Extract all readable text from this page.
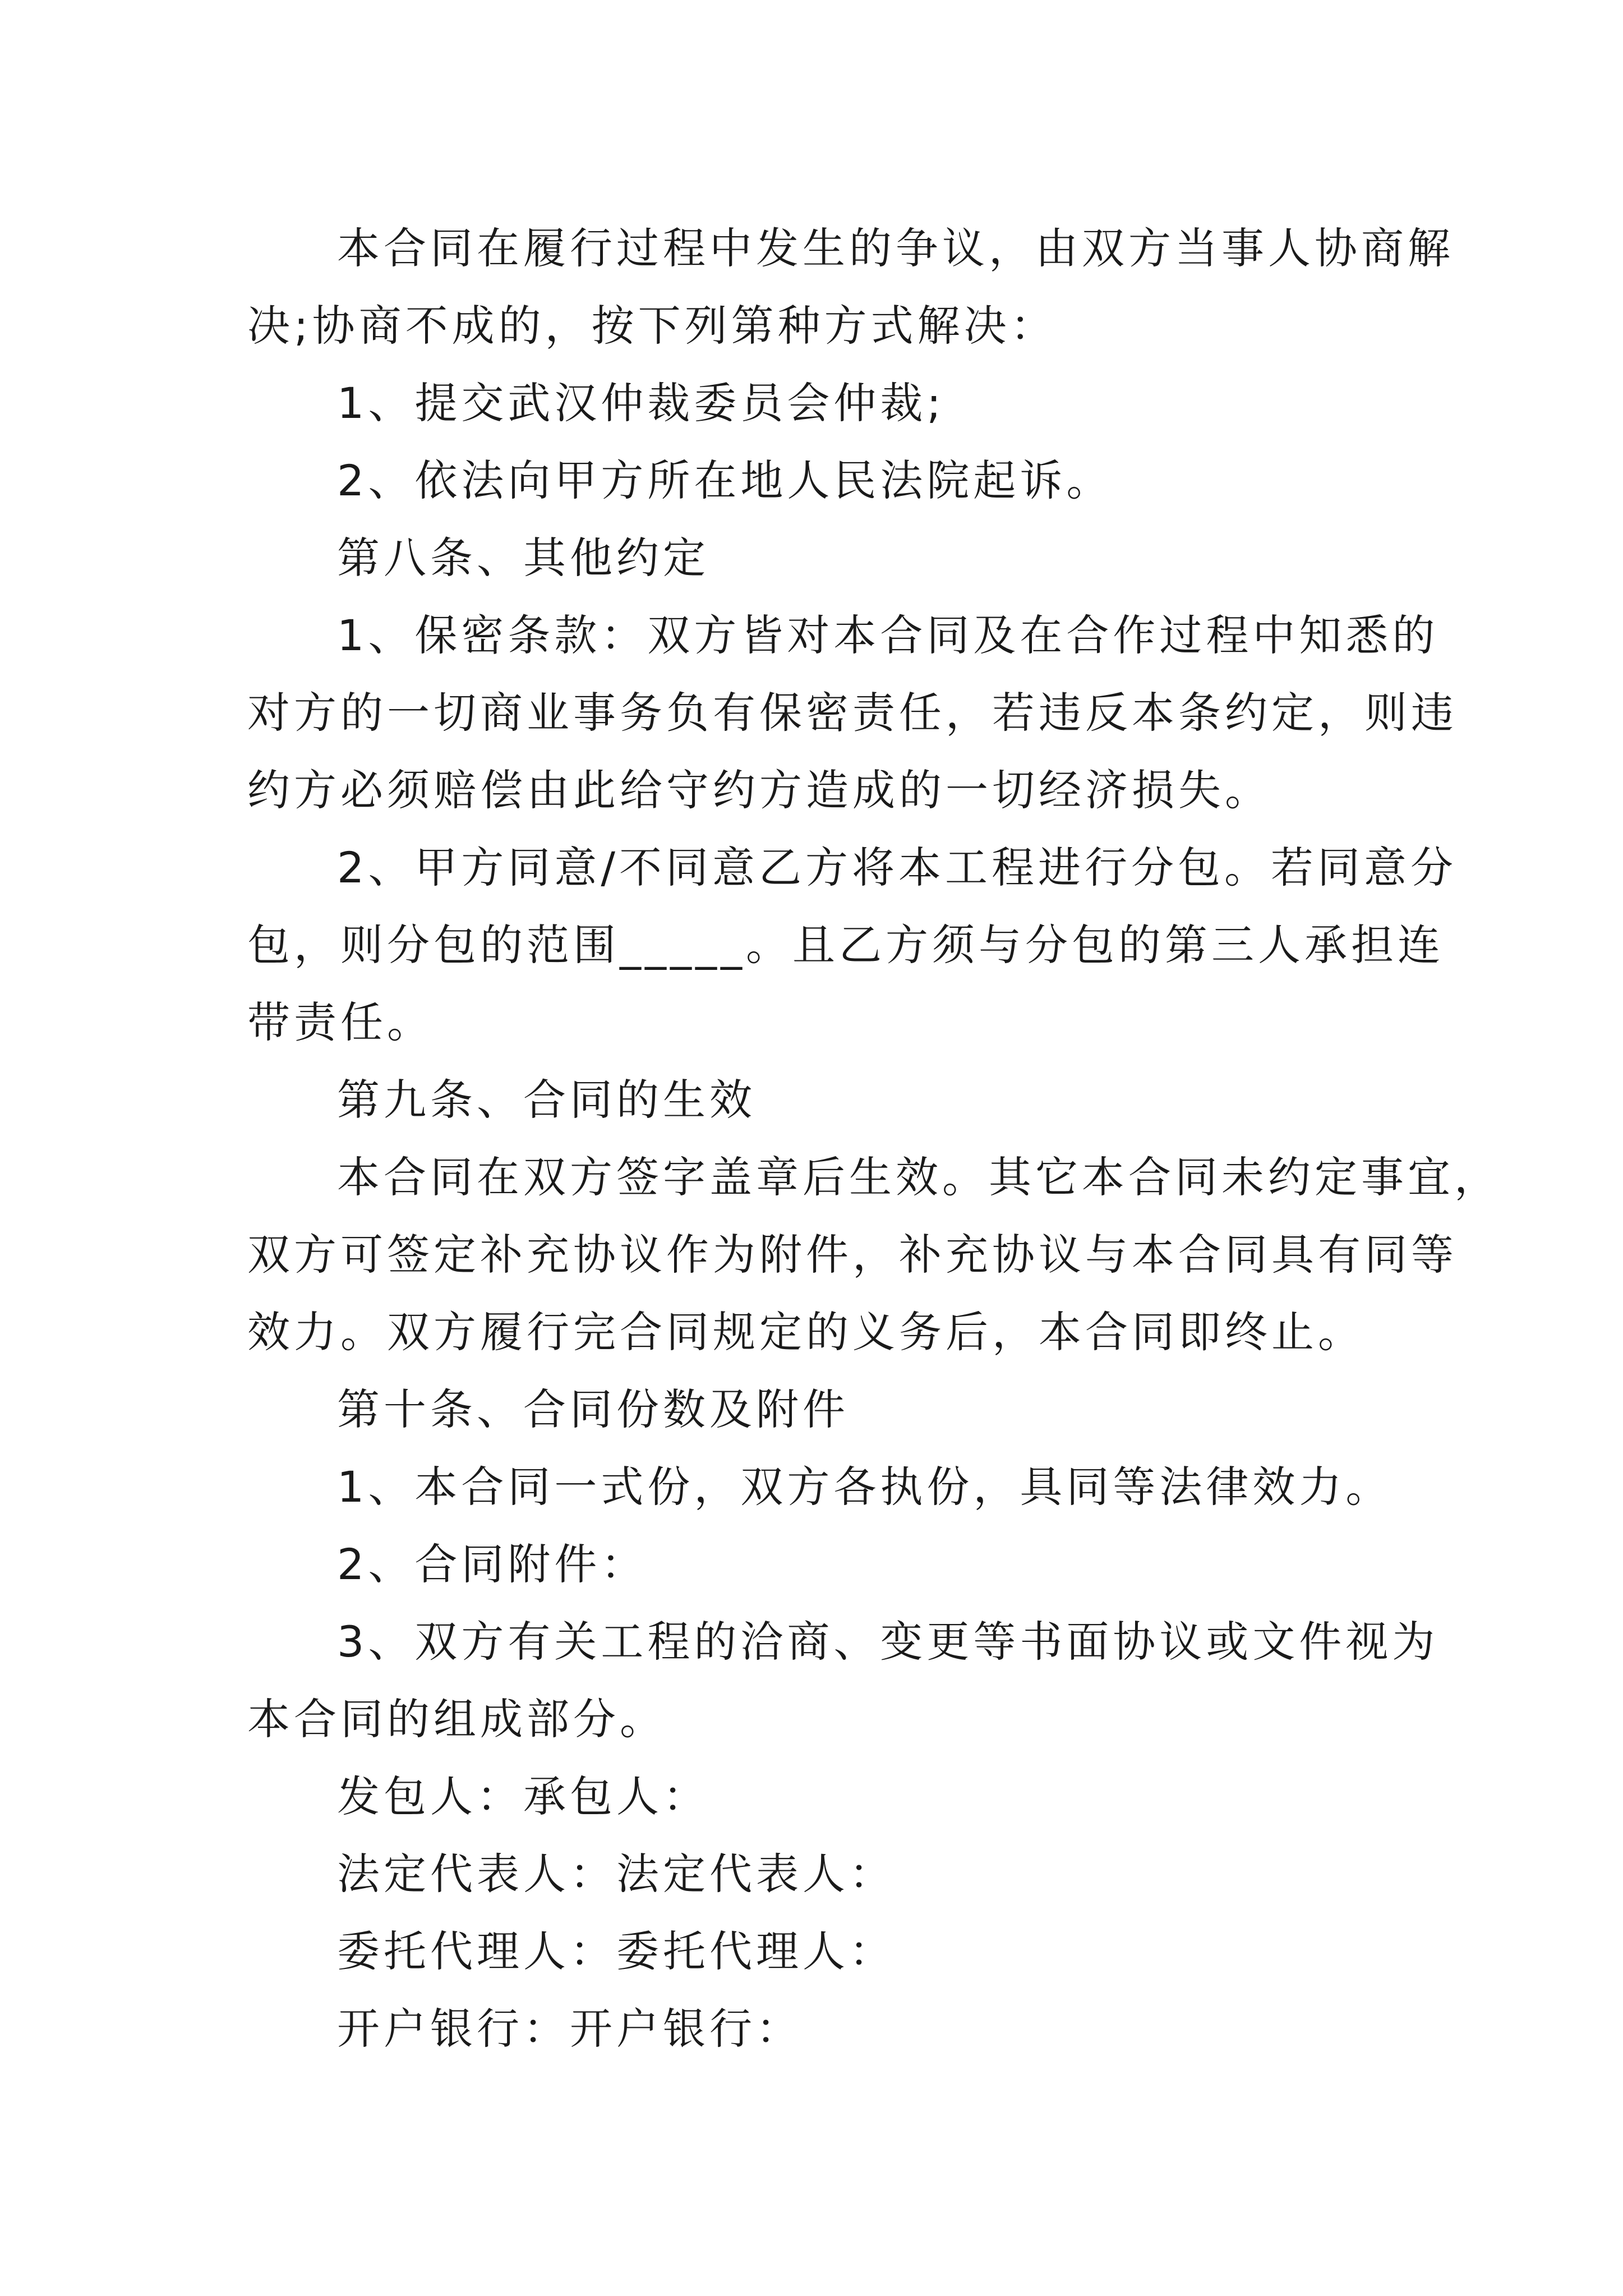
本合同在履行过程中发生的争议，由双方当事人协商解
决;协商不成的，按下列第种方式解决：
1、提交武汉仲裁委员会仲裁;
2、依法向甲方所在地人民法院起诉。
第八条、其他约定
1、保密条款：双方皆对本合同及在合作过程中知悉的
对方的一切商业事务负有保密责任，若违反本条约定，则违
约方必须赔偿由此给守约方造成的一切经济损失。
2、甲方同意/不同意乙方将本工程进行分包。若同意分
包，则分包的范围_____。且乙方须与分包的第三人承担连
带责任。
第九条、合同的生效
本合同在双方签字盖章后生效。其它本合同未约定事宜，
双方可签定补充协议作为附件，补充协议与本合同具有同等
效力。双方履行完合同规定的义务后，本合同即终止。
第十条、合同份数及附件
1、本合同一式份，双方各执份，具同等法律效力。
2、合同附件：
3、双方有关工程的洽商、变更等书面协议或文件视为
本合同的组成部分。
发包人：承包人：
法定代表人：法定代表人：
委托代理人：委托代理人：
开户银行：开户银行：
